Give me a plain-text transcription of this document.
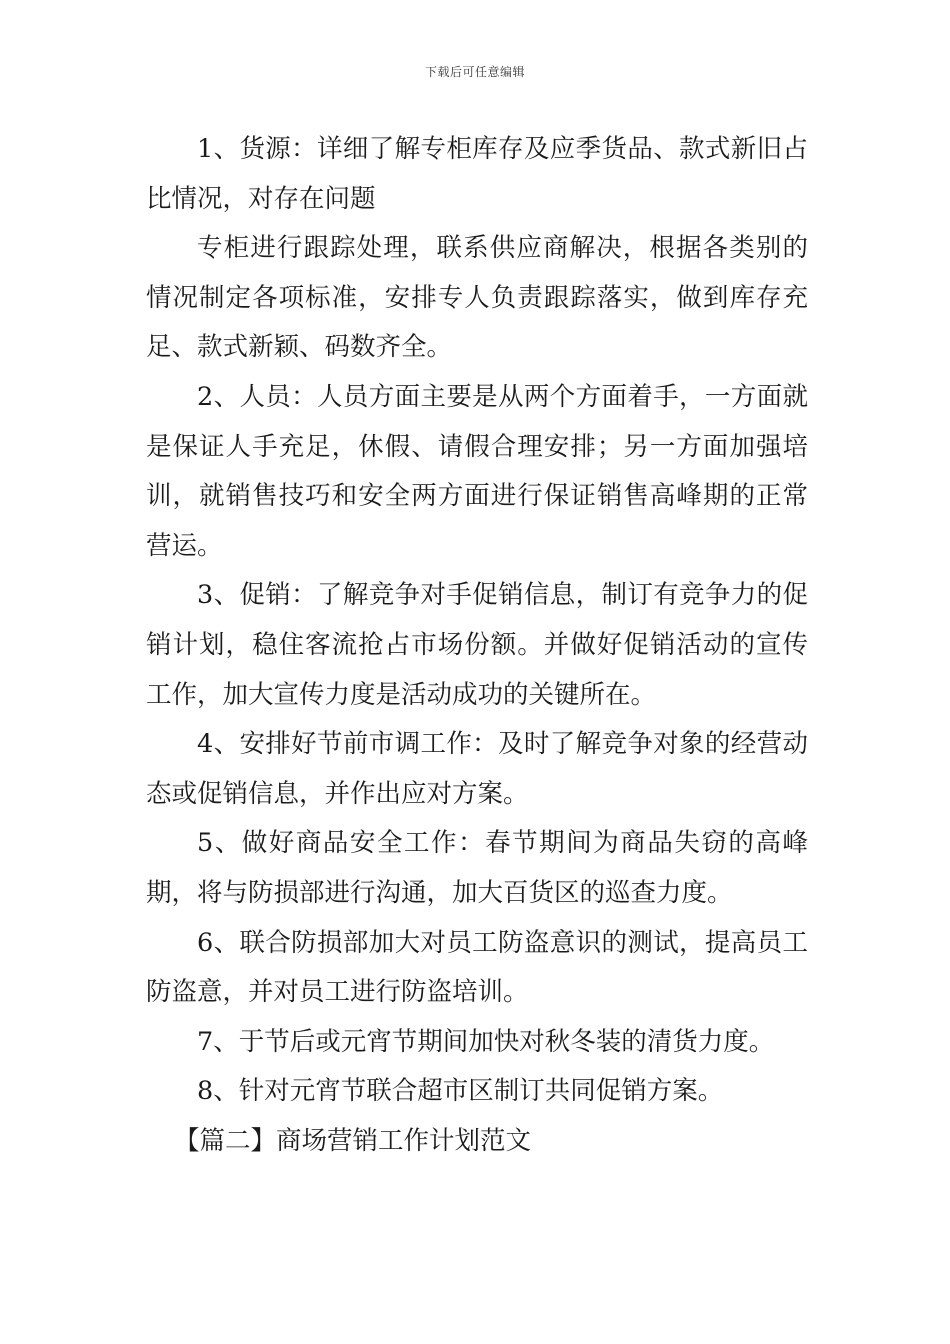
下载后可任意编辑

1、货源：详细了解专柜库存及应季货品、款式新旧占比情况，对存在问题

专柜进行跟踪处理，联系供应商解决，根据各类别的情况制定各项标准，安排专人负责跟踪落实，做到库存充足、款式新颖、码数齐全。

2、人员：人员方面主要是从两个方面着手，一方面就是保证人手充足，休假、请假合理安排；另一方面加强培训，就销售技巧和安全两方面进行保证销售高峰期的正常营运。

3、促销：了解竞争对手促销信息，制订有竞争力的促销计划，稳住客流抢占市场份额。并做好促销活动的宣传工作，加大宣传力度是活动成功的关键所在。

4、安排好节前市调工作：及时了解竞争对象的经营动态或促销信息，并作出应对方案。

5、做好商品安全工作：春节期间为商品失窃的高峰期，将与防损部进行沟通，加大百货区的巡查力度。

6、联合防损部加大对员工防盗意识的测试，提高员工防盗意，并对员工进行防盗培训。

7、于节后或元宵节期间加快对秋冬装的清货力度。

8、针对元宵节联合超市区制订共同促销方案。

【篇二】商场营销工作计划范文
